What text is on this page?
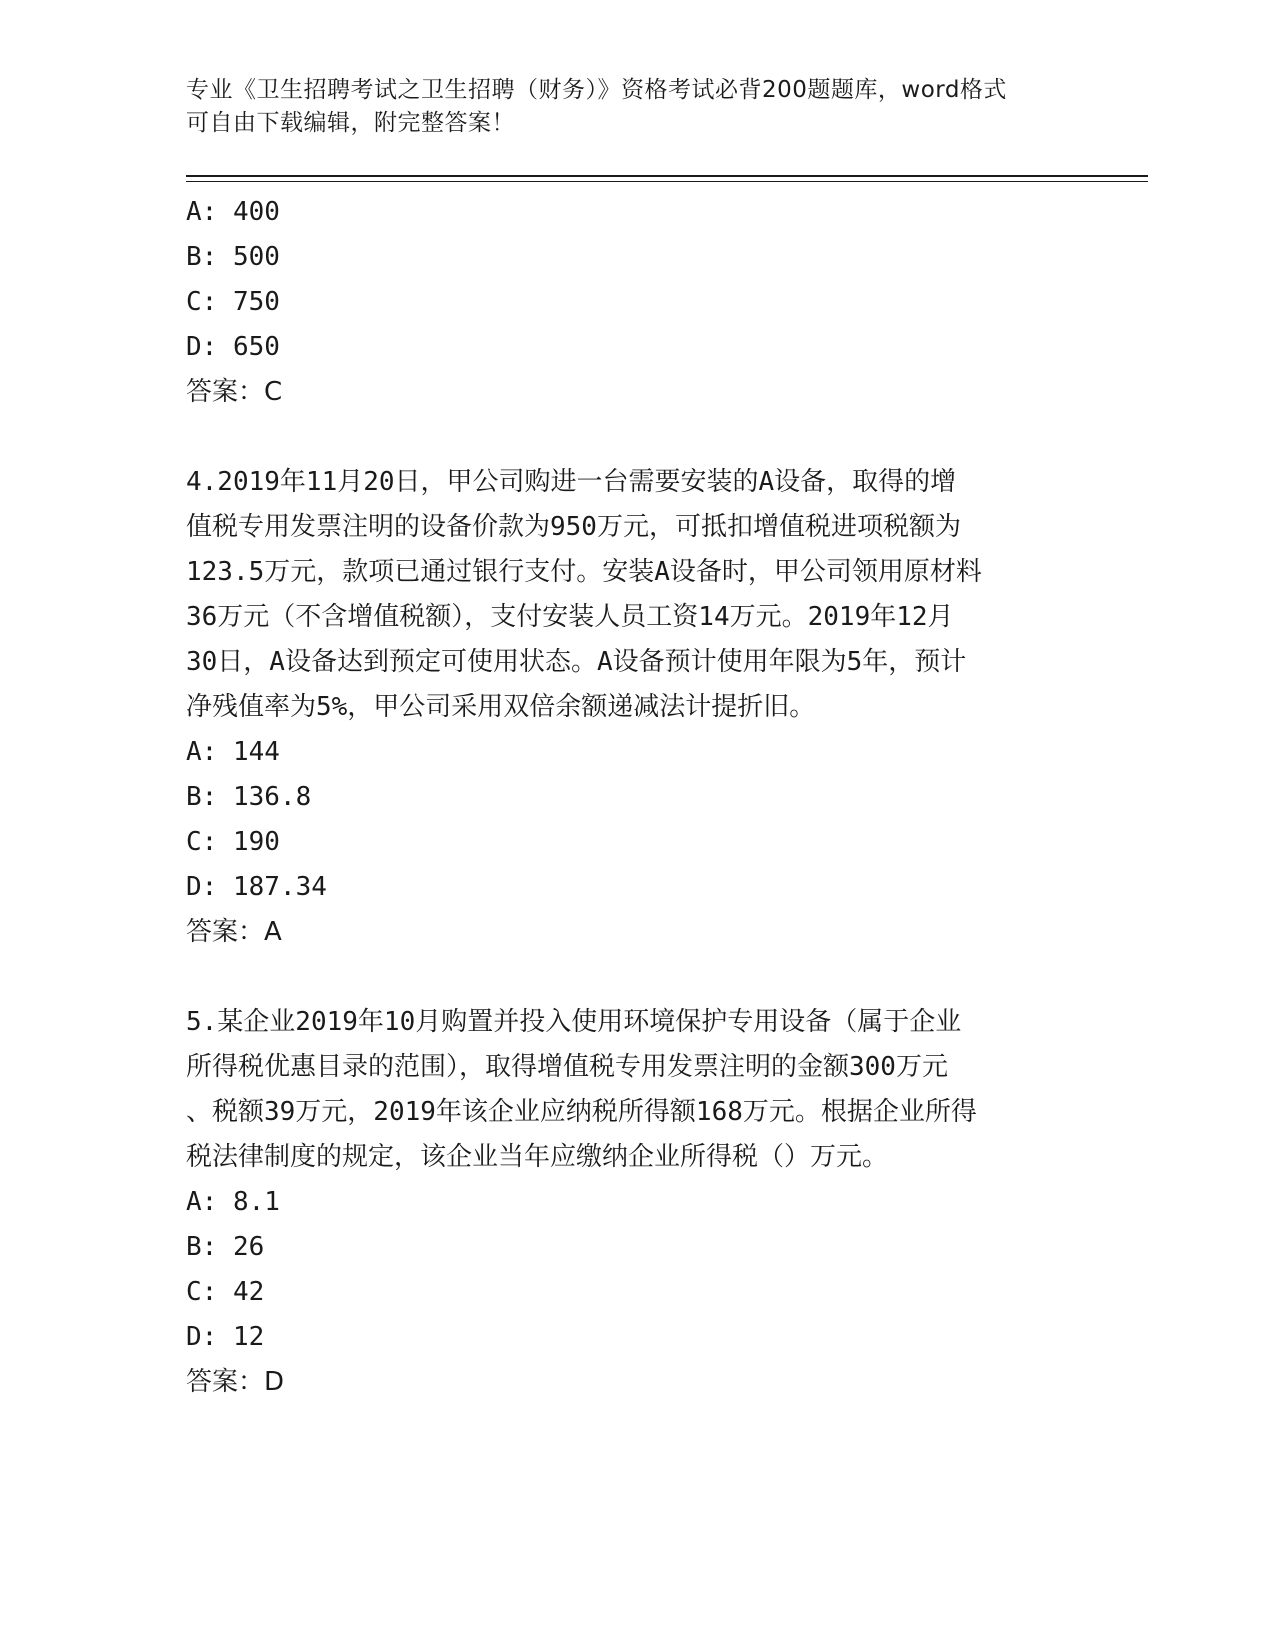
专业《卫生招聘考试之卫生招聘（财务）》资格考试必背200题题库，word格式
可自由下载编辑，附完整答案！
A: 400
B: 500
C: 750
D: 650
答案：C
4.2019年11月20日，甲公司购进一台需要安装的A设备，取得的增
值税专用发票注明的设备价款为950万元，可抵扣增值税进项税额为
123.5万元，款项已通过银行支付。安装A设备时，甲公司领用原材料
36万元（不含增值税额），支付安装人员工资14万元。2019年12月
30日，A设备达到预定可使用状态。A设备预计使用年限为5年，预计
净残值率为5%，甲公司采用双倍余额递减法计提折旧。
A: 144
B: 136.8
C: 190
D: 187.34
答案：A
5.某企业2019年10月购置并投入使用环境保护专用设备（属于企业
所得税优惠目录的范围），取得增值税专用发票注明的金额300万元
、税额39万元，2019年该企业应纳税所得额168万元。根据企业所得
税法律制度的规定，该企业当年应缴纳企业所得税（）万元。
A: 8.1
B: 26
C: 42
D: 12
答案：D
